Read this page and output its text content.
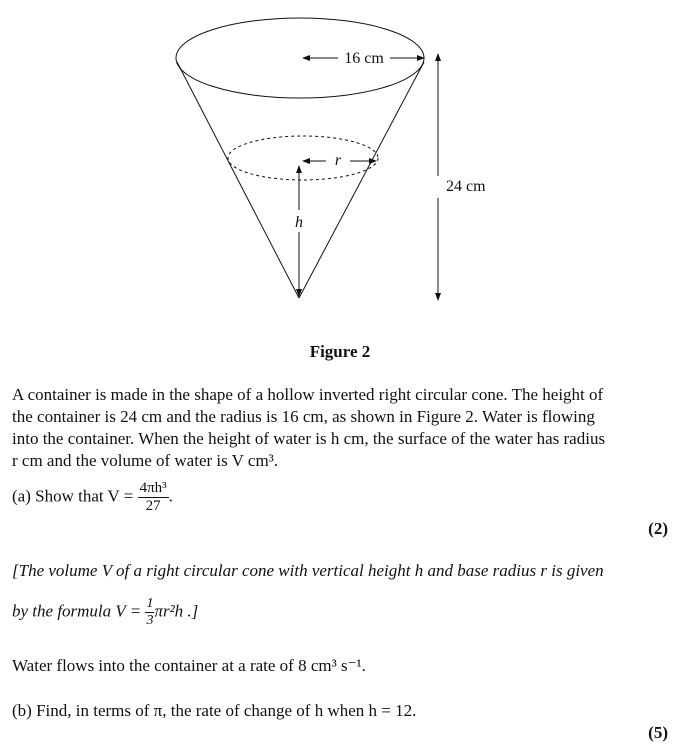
16 cm
24 cm
r
h
Figure 2
A container is made in the shape of a hollow inverted right circular cone. The height of
the container is 24 cm and the radius is 16 cm, as shown in Figure 2. Water is flowing
into the container. When the height of water is h cm, the surface of the water has radius
r cm and the volume of water is V cm³.
(a) Show that $V = \frac{\text{4πh³}}{27}$ .
(2)
[The volume V of a right circular cone with vertical height h and base radius r is given
by the formula $V = \frac{1}{3} \pi r^2h$ .]
Water flows into the container at a rate of 8 cm³ s⁻¹.
(b) Find, in terms of π, the rate of change of h when h = 12.
(5)
